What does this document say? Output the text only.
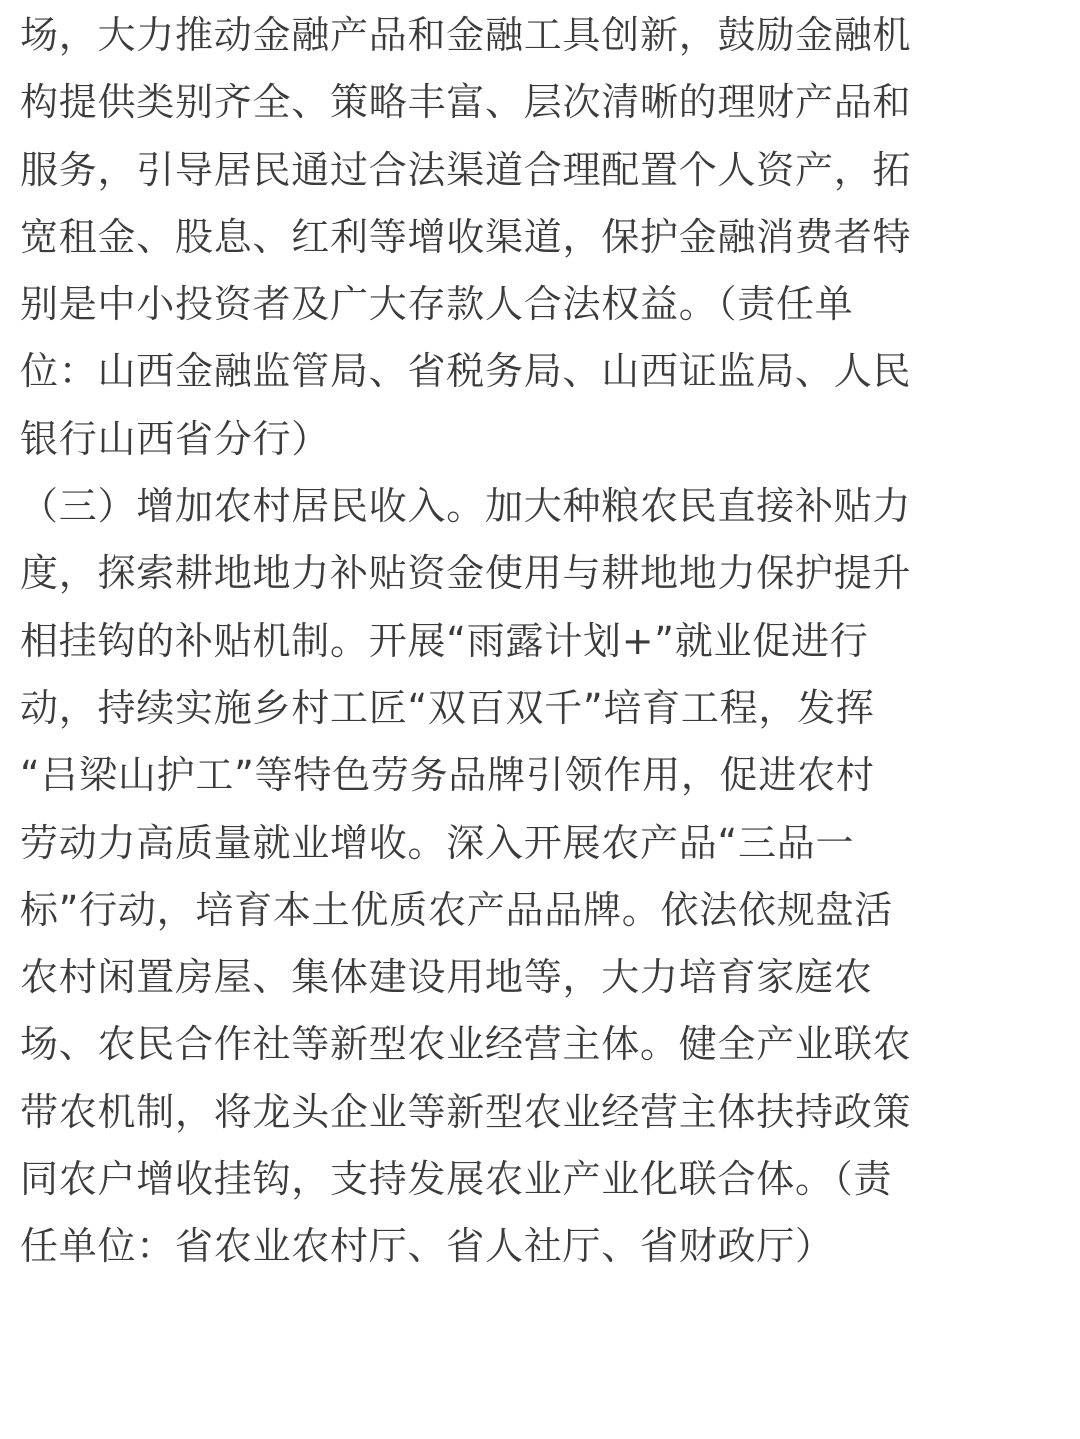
场，大力推动金融产品和金融工具创新，鼓励金融机
构提供类别齐全、策略丰富、层次清晰的理财产品和
服务，引导居民通过合法渠道合理配置个人资产，拓
宽租金、股息、红利等增收渠道，保护金融消费者特
别是中小投资者及广大存款人合法权益。（责任单
位：山西金融监管局、省税务局、山西证监局、人民
银行山西省分行）
（三）增加农村居民收入。加大种粮农民直接补贴力
度，探索耕地地力补贴资金使用与耕地地力保护提升
相挂钩的补贴机制。开展“雨露计划+”就业促进行
动，持续实施乡村工匠“双百双千”培育工程，发挥
“吕梁山护工”等特色劳务品牌引领作用，促进农村
劳动力高质量就业增收。深入开展农产品“三品一
标”行动，培育本土优质农产品品牌。依法依规盘活
农村闲置房屋、集体建设用地等，大力培育家庭农
场、农民合作社等新型农业经营主体。健全产业联农
带农机制，将龙头企业等新型农业经营主体扶持政策
同农户增收挂钩，支持发展农业产业化联合体。（责
任单位：省农业农村厅、省人社厅、省财政厅）
